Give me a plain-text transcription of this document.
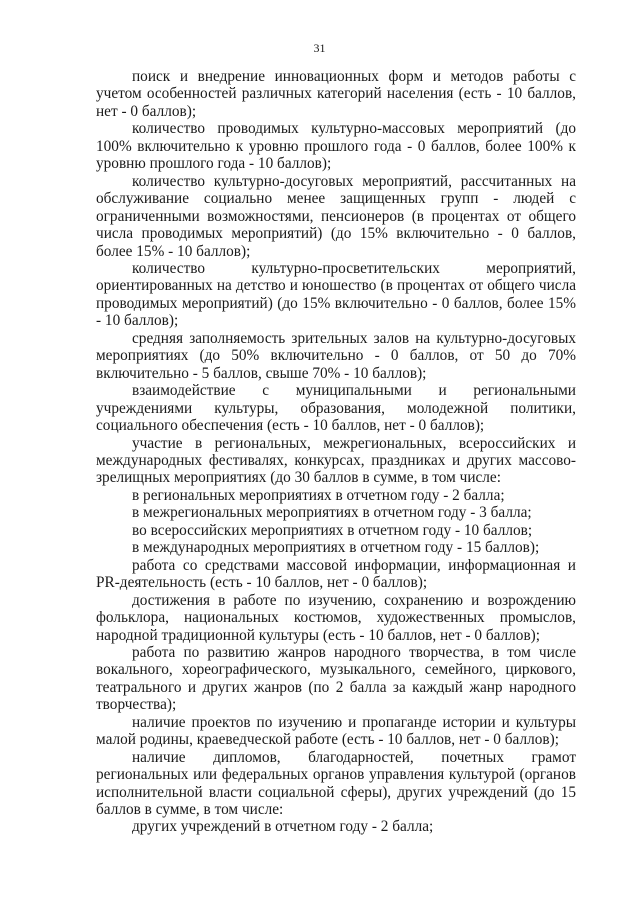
31

поиск и внедрение инновационных форм и методов работы с учетом особенностей различных категорий населения (есть - 10 баллов, нет - 0 баллов);

количество проводимых культурно-массовых мероприятий (до 100% включительно к уровню прошлого года - 0 баллов, более 100% к уровню прошлого года - 10 баллов);

количество культурно-досуговых мероприятий, рассчитанных на обслуживание социально менее защищенных групп - людей с ограниченными возможностями, пенсионеров (в процентах от общего числа проводимых мероприятий) (до 15% включительно - 0 баллов, более 15% - 10 баллов);

количество культурно-просветительских мероприятий, ориентированных на детство и юношество (в процентах от общего числа проводимых мероприятий) (до 15% включительно - 0 баллов, более 15% - 10 баллов);

средняя заполняемость зрительных залов на культурно-досуговых мероприятиях (до 50% включительно - 0 баллов, от 50 до 70% включительно - 5 баллов, свыше 70% - 10 баллов);

взаимодействие с муниципальными и региональными учреждениями культуры, образования, молодежной политики, социального обеспечения (есть - 10 баллов, нет - 0 баллов);

участие в региональных, межрегиональных, всероссийских и международных фестивалях, конкурсах, праздниках и других массово-зрелищных мероприятиях (до 30 баллов в сумме, в том числе:

в региональных мероприятиях в отчетном году - 2 балла;

в межрегиональных мероприятиях в отчетном году - 3 балла;

во всероссийских мероприятиях в отчетном году - 10 баллов;

в международных мероприятиях в отчетном году - 15 баллов);

работа со средствами массовой информации, информационная и PR-деятельность (есть - 10 баллов, нет - 0 баллов);

достижения в работе по изучению, сохранению и возрождению фольклора, национальных костюмов, художественных промыслов, народной традиционной культуры (есть - 10 баллов, нет - 0 баллов);

работа по развитию жанров народного творчества, в том числе вокального, хореографического, музыкального, семейного, циркового, театрального и других жанров (по 2 балла за каждый жанр народного творчества);

наличие проектов по изучению и пропаганде истории и культуры малой родины, краеведческой работе (есть - 10 баллов, нет - 0 баллов);

наличие дипломов, благодарностей, почетных грамот региональных или федеральных органов управления культурой (органов исполнительной власти социальной сферы), других учреждений (до 15 баллов в сумме, в том числе:

других учреждений в отчетном году - 2 балла;
